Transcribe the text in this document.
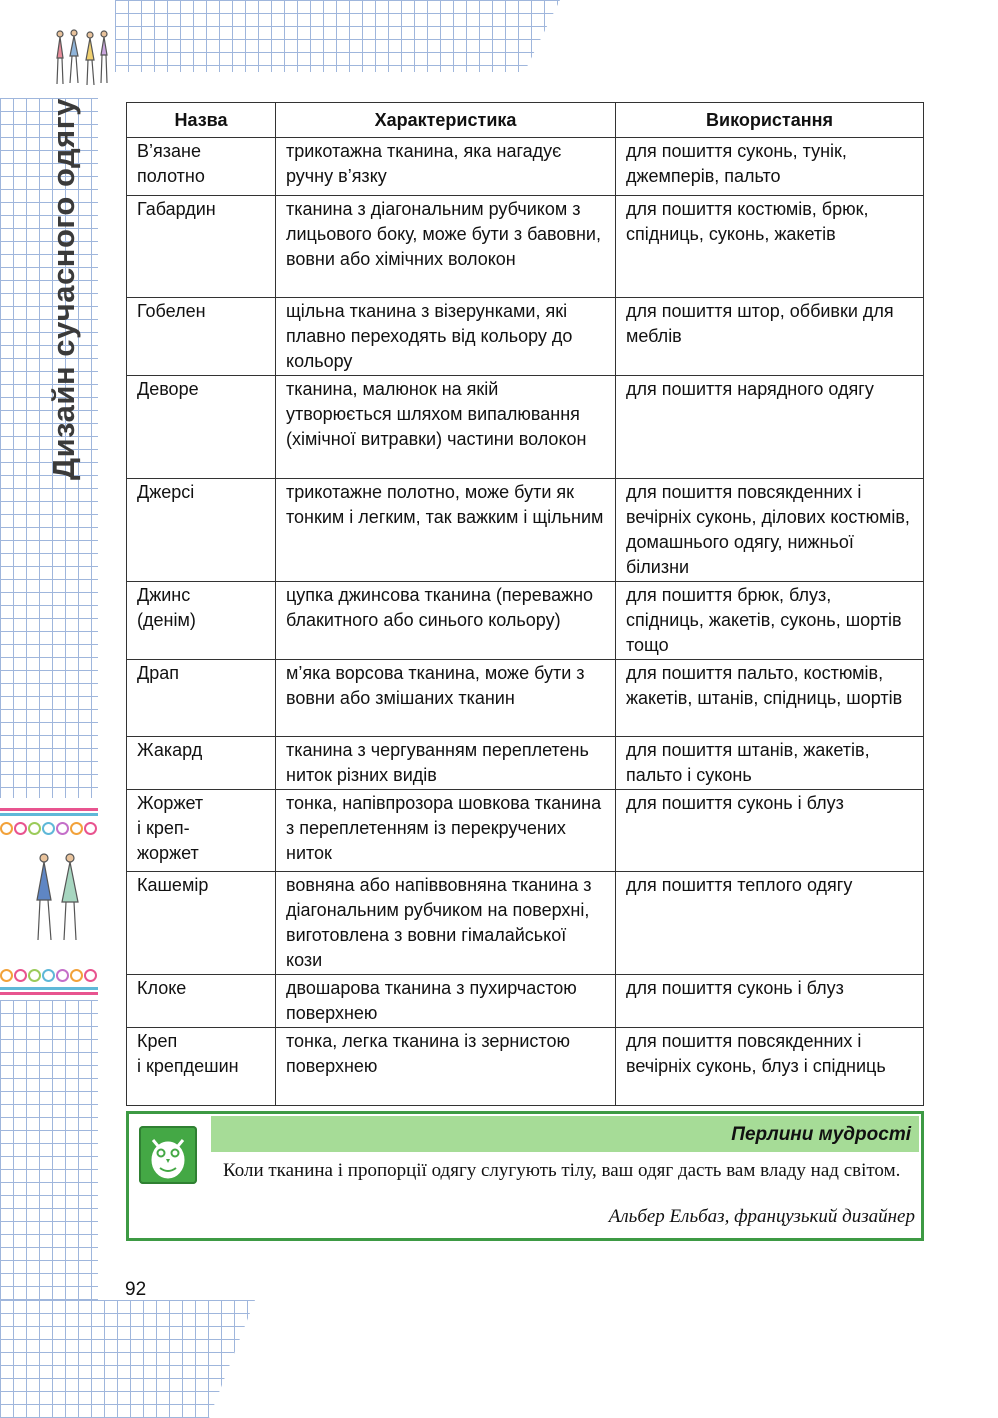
Дизайн сучасного одягу	Назва	Характеристика	Використання
В’язане
полотно	трикотажна тканина, яка нагадує ручну в’язку	для пошиття суконь, тунік, джемперів, пальто
Габардин	тканина з діагональним рубчиком з лицьового боку, може бути з бавовни, вовни або хімічних волокон	для пошиття костюмів, брюк, спідниць, суконь, жакетів
Гобелен	щільна тканина з візерунками, які плавно переходять від кольору до кольору	для пошиття штор, оббивки для меблів
Деворе	тканина, малюнок на якій утворюється шляхом випалювання (хімічної витравки) частини волокон	для пошиття нарядного одягу
Джерсі	трикотажне полотно, може бути як тонким і легким, так важким і щільним	для пошиття повсякденних і вечірніх суконь, ділових костюмів, домашнього одягу, нижньої білизни
Джинс
(денім)	цупка джинсова тканина (переважно блакитного або синього кольору)	для пошиття брюк, блуз, спідниць, жакетів, суконь, шортів тощо
Драп	м’яка ворсова тканина, може бути з вовни або змішаних тканин	для пошиття пальто, костюмів, жакетів, штанів, спідниць, шортів
Жакард	тканина з чергуванням переплетень ниток різних видів	для пошиття штанів, жакетів, пальто і суконь
Жоржет
і креп-
жоржет	тонка, напівпрозора шовкова тканина з переплетенням із перекручених ниток	для пошиття суконь і блуз
Кашемір	вовняна або напіввовняна тканина з діагональним рубчиком на поверхні, виготовлена з вовни гімалайської кози	для пошиття теплого одягу
Клоке	двошарова тканина з пухирчастою поверхнею	для пошиття суконь і блуз
Креп
і крепдешин	тонка, легка тканина із зернистою поверхнею	для пошиття повсякденних і вечірніх суконь, блуз і спідниць
Перлини мудрості
Коли тканина і пропорції одягу слугують тілу, ваш одяг дасть вам владу над світом.
Альбер Ельбаз, французький дизайнер
92
